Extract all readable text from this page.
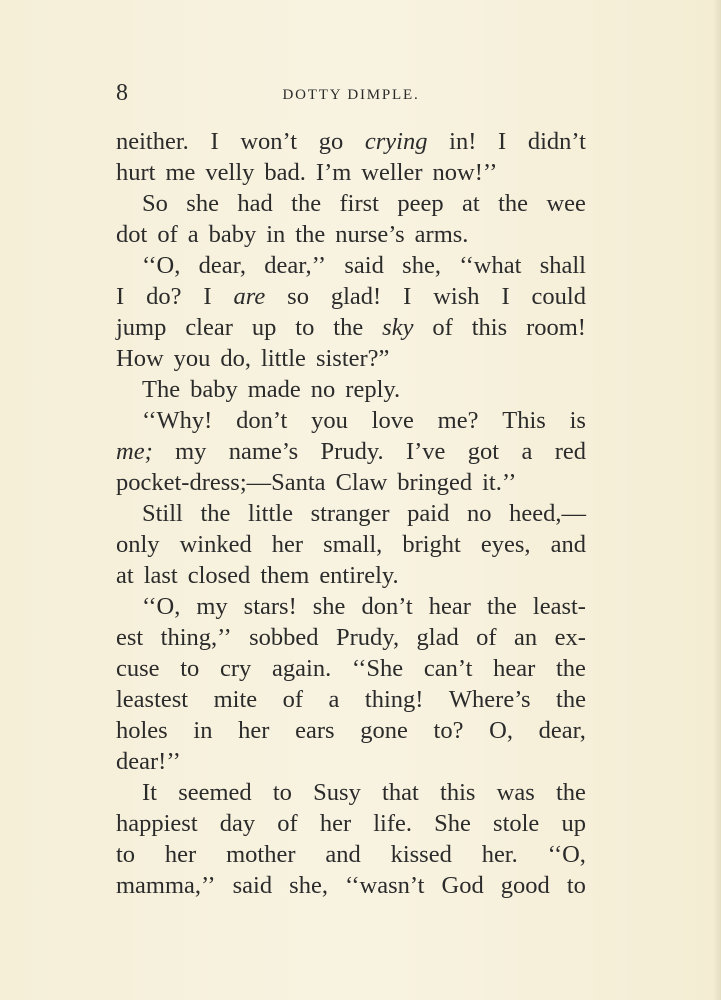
8	DOTTY DIMPLE.
neither. I won’t go crying in! I didn’t
hurt me velly bad. I’m weller now!’’
So she had the first peep at the wee
dot of a baby in the nurse’s arms.
‘‘O, dear, dear,’’ said she, ‘‘what shall
I do? I are so glad! I wish I could
jump clear up to the sky of this room!
How you do, little sister?”
The baby made no reply.
‘‘Why! don’t you love me? This is
me; my name’s Prudy. I’ve got a red
pocket-dress;—Santa Claw bringed it.’’
Still the little stranger paid no heed,—
only winked her small, bright eyes, and
at last closed them entirely.
‘‘O, my stars! she don’t hear the least-
est thing,’’ sobbed Prudy, glad of an ex-
cuse to cry again. ‘‘She can’t hear the
leastest mite of a thing! Where’s the
holes in her ears gone to? O, dear,
dear!’’
It seemed to Susy that this was the
happiest day of her life. She stole up
to her mother and kissed her. ‘‘O,
mamma,’’ said she, ‘‘wasn’t God good to
